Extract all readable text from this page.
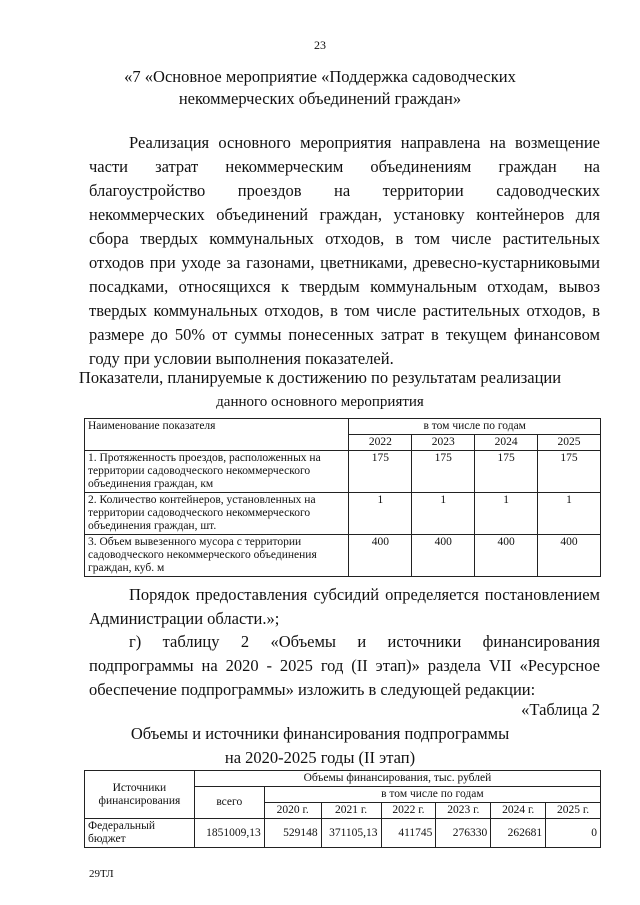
23
«7 «Основное мероприятие «Поддержка садоводческих
некоммерческих объединений граждан»
Реализация основного мероприятия направлена на возмещение части затрат некоммерческим объединениям граждан на благоустройство проездов на территории садоводческих некоммерческих объединений граждан, установку контейнеров для сбора твердых коммунальных отходов, в том числе растительных отходов при уходе за газонами, цветниками, древесно-кустарниковыми посадками, относящихся к твердым коммунальным отходам, вывоз твердых коммунальных отходов, в том числе растительных отходов, в размере до 50% от суммы понесенных затрат в текущем финансовом году при условии выполнения показателей.
Показатели, планируемые к достижению по результатам реализации
данного основного мероприятия
Наименование показателя	в том числе по годам			
	2022	2023	2024	2025
1. Протяженность проездов, расположенных на территории садоводческого некоммерческого объединения граждан, км	175	175	175	175
2. Количество контейнеров, установленных на территории садоводческого некоммерческого объединения граждан, шт.	1	1	1	1
3. Объем вывезенного мусора с территории садоводческого некоммерческого объединения граждан, куб. м	400	400	400	400
Порядок предоставления субсидий определяется постановлением Администрации области.»;
г) таблицу 2 «Объемы и источники финансирования подпрограммы на 2020 - 2025 год (II этап)» раздела VII «Ресурсное обеспечение подпрограммы» изложить в следующей редакции:
«Таблица 2
Объемы и источники финансирования подпрограммы
на 2020-2025 годы (II этап)
Источники финансирования	Объемы финансирования, тыс. рублей						
	всего	в том числе по годам					
		2020 г.	2021 г.	2022 г.	2023 г.	2024 г.	2025 г.
Федеральный бюджет	1851009,13	529148	371105,13	411745	276330	262681	0
29ТЛ
